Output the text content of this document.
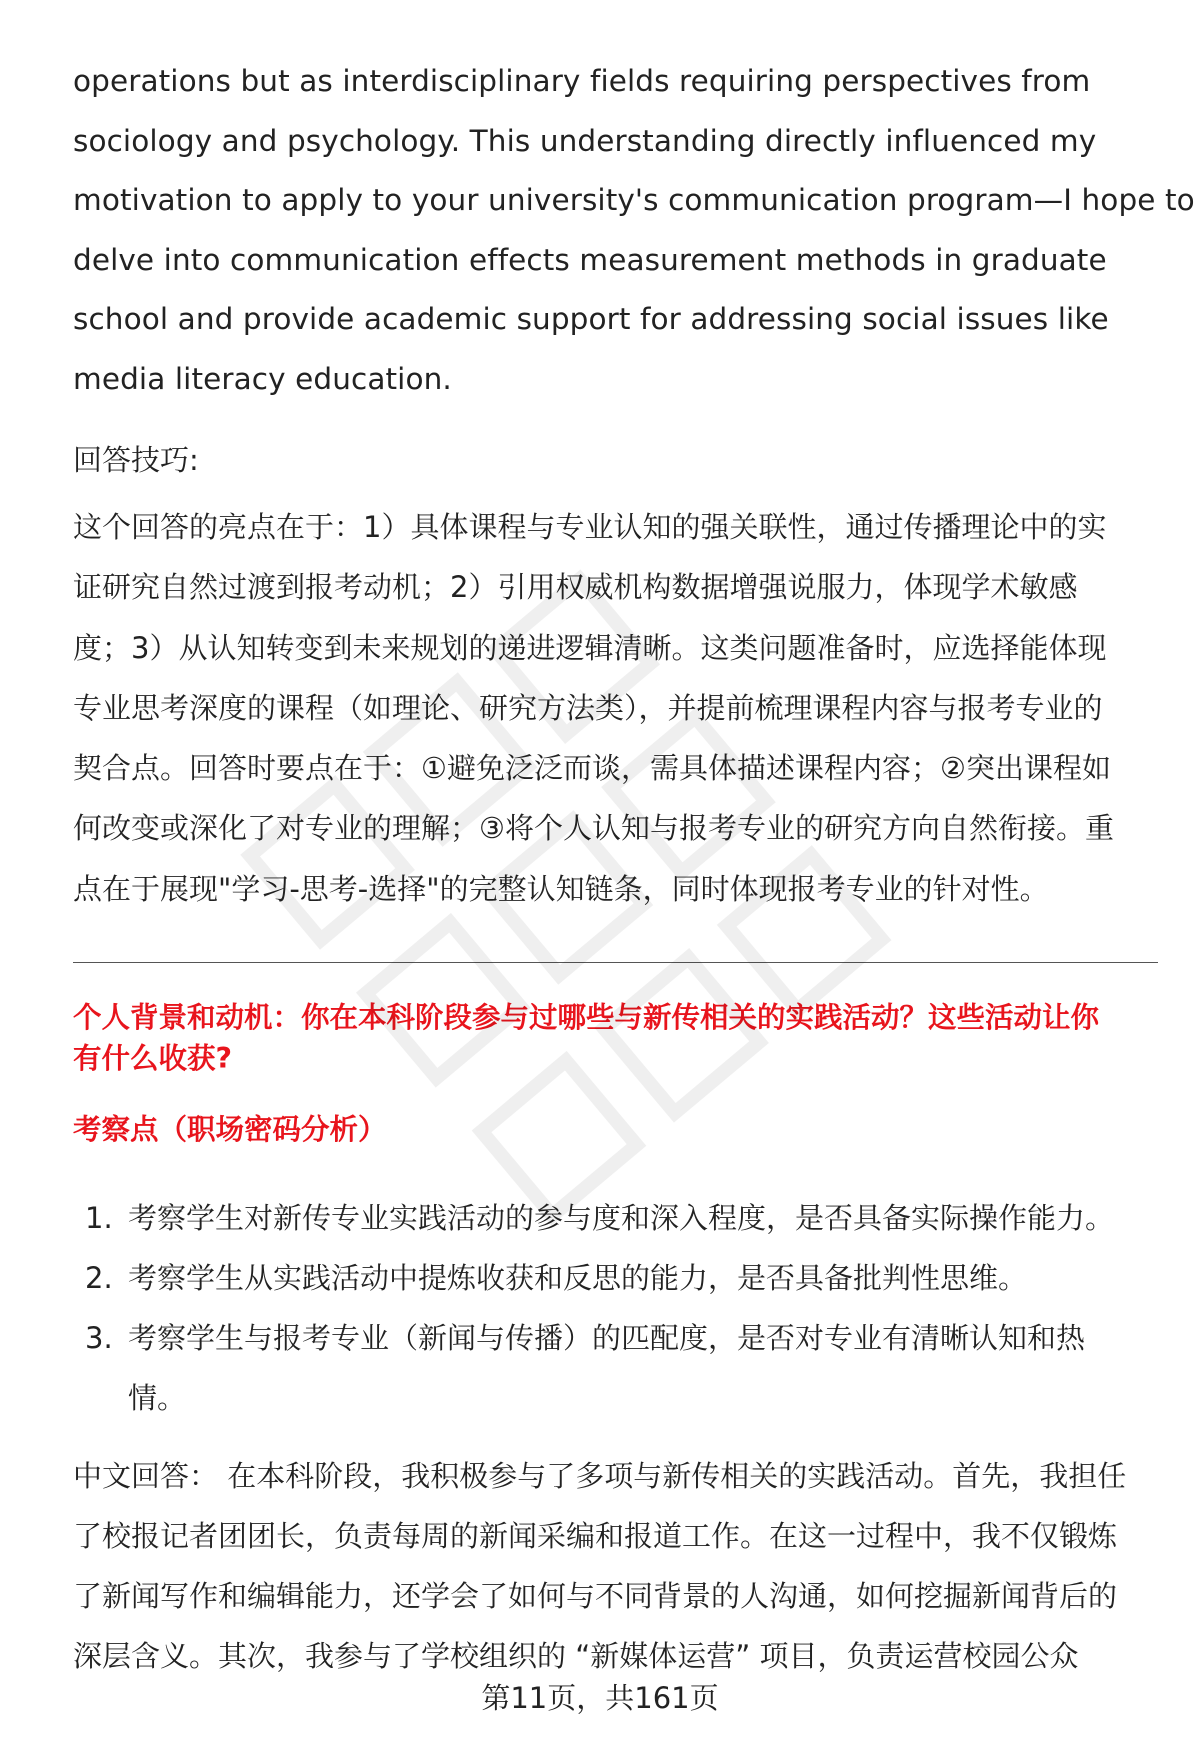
operations but as interdisciplinary fields requiring perspectives from
sociology and psychology. This understanding directly influenced my
motivation to apply to your university's communication program—I hope to
delve into communication effects measurement methods in graduate
school and provide academic support for addressing social issues like
media literacy education.
回答技巧:
这个回答的亮点在于：1）具体课程与专业认知的强关联性，通过传播理论中的实
证研究自然过渡到报考动机；2）引用权威机构数据增强说服力，体现学术敏感
度；3）从认知转变到未来规划的递进逻辑清晰。这类问题准备时，应选择能体现
专业思考深度的课程（如理论、研究方法类），并提前梳理课程内容与报考专业的
契合点。回答时要点在于：①避免泛泛而谈，需具体描述课程内容；②突出课程如
何改变或深化了对专业的理解；③将个人认知与报考专业的研究方向自然衔接。重
点在于展现"学习-思考-选择"的完整认知链条，同时体现报考专业的针对性。
个人背景和动机：你在本科阶段参与过哪些与新传相关的实践活动？这些活动让你
有什么收获?
考察点（职场密码分析）
1. 考察学生对新传专业实践活动的参与度和深入程度，是否具备实际操作能力。
2. 考察学生从实践活动中提炼收获和反思的能力，是否具备批判性思维。
3. 考察学生与报考专业（新闻与传播）的匹配度，是否对专业有清晰认知和热
情。
中文回答： 在本科阶段，我积极参与了多项与新传相关的实践活动。首先，我担任
了校报记者团团长，负责每周的新闻采编和报道工作。在这一过程中，我不仅锻炼
了新闻写作和编辑能力，还学会了如何与不同背景的人沟通，如何挖掘新闻背后的
深层含义。其次，我参与了学校组织的 “新媒体运营” 项目，负责运营校园公众
第11页，共161页
